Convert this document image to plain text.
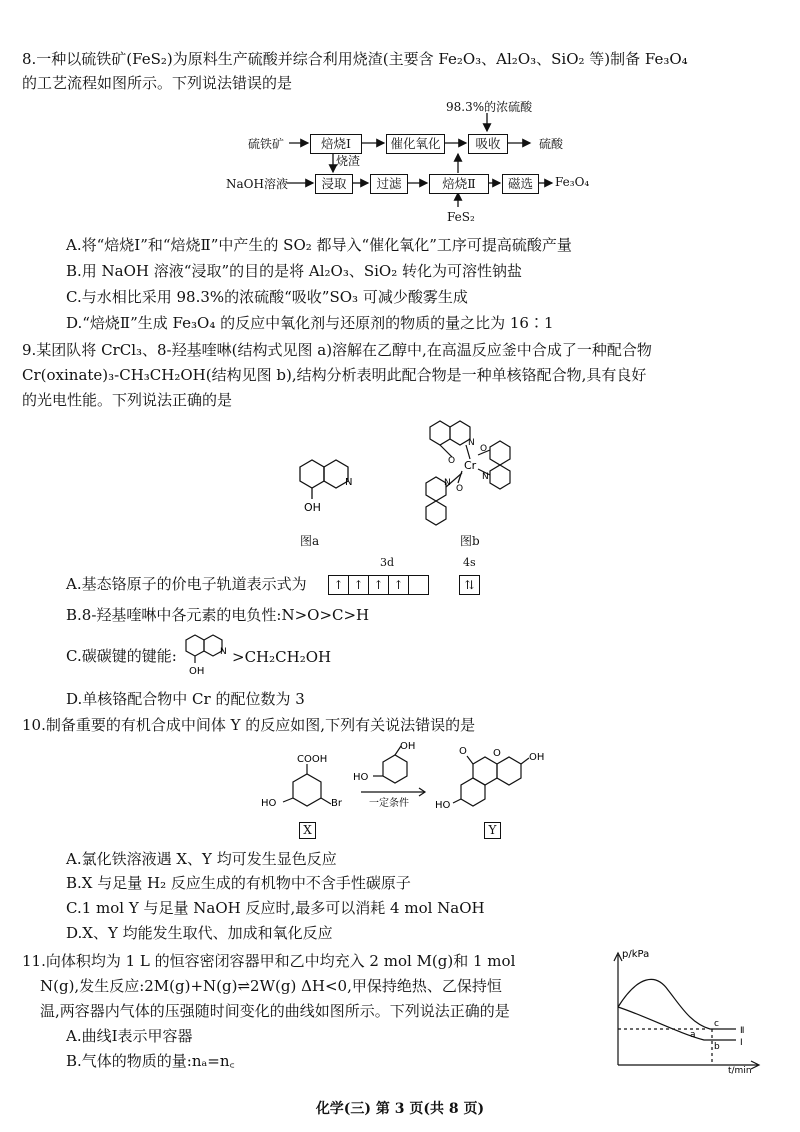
8.一种以硫铁矿(FeS₂)为原料生产硫酸并综合利用烧渣(主要含 Fe₂O₃、Al₂O₃、SiO₂ 等)制备 Fe₃O₄
的工艺流程如图所示。下列说法错误的是
98.3%的浓硫酸
硫铁矿	焙烧Ⅰ	催化氧化	吸收	硫酸
烧渣
NaOH溶液	浸取	过滤	焙烧Ⅱ	磁选	Fe₃O₄
FeS₂
A.将“焙烧Ⅰ”和“焙烧Ⅱ”中产生的 SO₂ 都导入“催化氧化”工序可提高硫酸产量
B.用 NaOH 溶液“浸取”的目的是将 Al₂O₃、SiO₂ 转化为可溶性钠盐
C.与水相比采用 98.3%的浓硫酸“吸收”SO₃ 可减少酸雾生成
D.“焙烧Ⅱ”生成 Fe₃O₄ 的反应中氧化剂与还原剂的物质的量之比为 16∶1
9.某团队将 CrCl₃、8-羟基喹啉(结构式见图 a)溶解在乙醇中,在高温反应釜中合成了一种配合物
Cr(oxinate)₃-CH₃CH₂OH(结构见图 b),结构分析表明此配合物是一种单核铬配合物,具有良好
的光电性能。下列说法正确的是
N
OH
图a
Cr
O
N
O
N
N
O
图b
A.基态铬原子的价电子轨道表示式为
3d	4s
↑ ↑ ↑ ↑	⇅
B.8-羟基喹啉中各元素的电负性:N>O>C>H
C.碳碳键的键能:	N
OH
>CH₂CH₂OH
D.单核铬配合物中 Cr 的配位数为 3
10.制备重要的有机合成中间体 Y 的反应如图,下列有关说法错误的是
COOH
Br
HO
OH
HO
一定条件
O	O	OH
HO
X	Y
A.氯化铁溶液遇 X、Y 均可发生显色反应
B.X 与足量 H₂ 反应生成的有机物中不含手性碳原子
C.1 mol Y 与足量 NaOH 反应时,最多可以消耗 4 mol NaOH
D.X、Y 均能发生取代、加成和氧化反应
11.向体积均为 1 L 的恒容密闭容器甲和乙中均充入 2 mol M(g)和 1 mol
N(g),发生反应:2M(g)+N(g)⇌2W(g) ΔH<0,甲保持绝热、乙保持恒
温,两容器内气体的压强随时间变化的曲线如图所示。下列说法正确的是
A.曲线Ⅰ表示甲容器
B.气体的物质的量:nₐ=n꜀
p/kPa
t/min
Ⅱ
Ⅰ
a
b
c
化学(三) 第 3 页(共 8 页)
